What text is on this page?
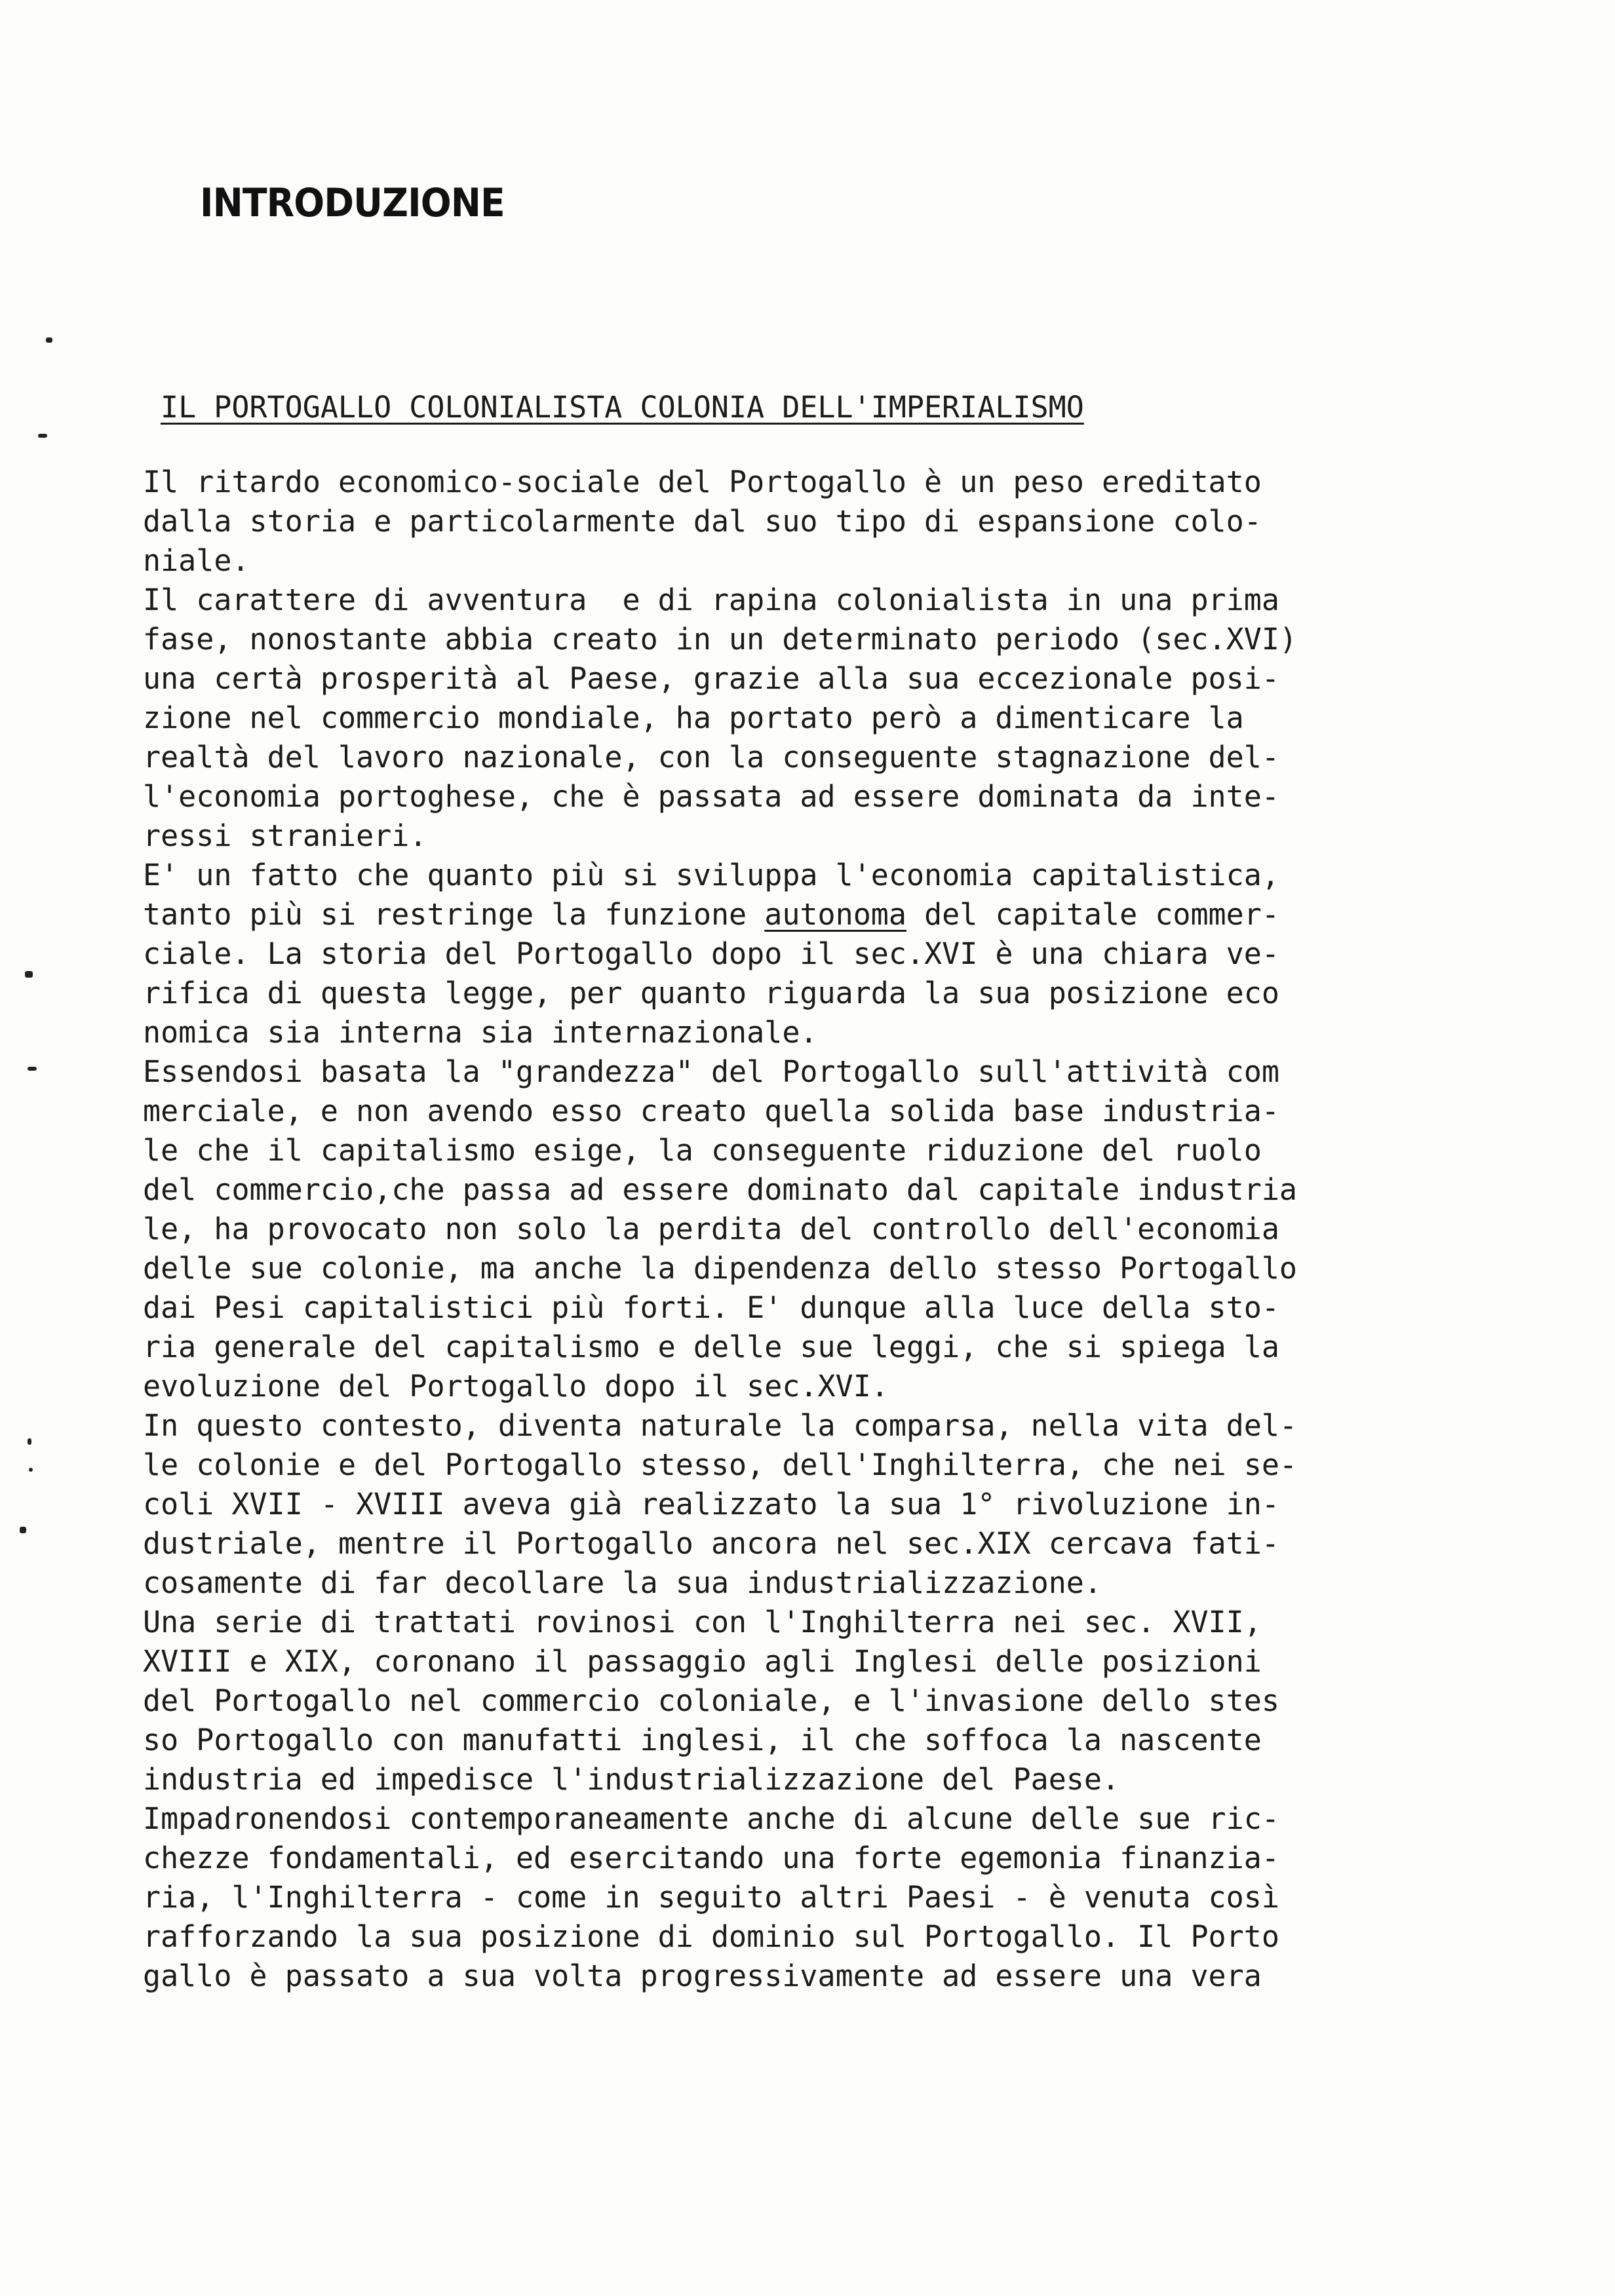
INTRODUZIONE
IL PORTOGALLO COLONIALISTA COLONIA DELL'IMPERIALISMO
Il ritardo economico-sociale del Portogallo è un peso ereditato
dalla storia e particolarmente dal suo tipo di espansione colo-
niale.
Il carattere di avventura  e di rapina colonialista in una prima
fase, nonostante abbia creato in un determinato periodo (sec.XVI)
una certà prosperità al Paese, grazie alla sua eccezionale posi-
zione nel commercio mondiale, ha portato però a dimenticare la
realtà del lavoro nazionale, con la conseguente stagnazione del-
l'economia portoghese, che è passata ad essere dominata da inte-
ressi stranieri.
E' un fatto che quanto più si sviluppa l'economia capitalistica,
tanto più si restringe la funzione autonoma del capitale commer-
ciale. La storia del Portogallo dopo il sec.XVI è una chiara ve-
rifica di questa legge, per quanto riguarda la sua posizione eco
nomica sia interna sia internazionale.
Essendosi basata la "grandezza" del Portogallo sull'attività com
merciale, e non avendo esso creato quella solida base industria-
le che il capitalismo esige, la conseguente riduzione del ruolo
del commercio,che passa ad essere dominato dal capitale industria
le, ha provocato non solo la perdita del controllo dell'economia
delle sue colonie, ma anche la dipendenza dello stesso Portogallo
dai Pesi capitalistici più forti. E' dunque alla luce della sto-
ria generale del capitalismo e delle sue leggi, che si spiega la
evoluzione del Portogallo dopo il sec.XVI.
In questo contesto, diventa naturale la comparsa, nella vita del-
le colonie e del Portogallo stesso, dell'Inghilterra, che nei se-
coli XVII - XVIII aveva già realizzato la sua 1° rivoluzione in-
dustriale, mentre il Portogallo ancora nel sec.XIX cercava fati-
cosamente di far decollare la sua industrializzazione.
Una serie di trattati rovinosi con l'Inghilterra nei sec. XVII,
XVIII e XIX, coronano il passaggio agli Inglesi delle posizioni
del Portogallo nel commercio coloniale, e l'invasione dello stes
so Portogallo con manufatti inglesi, il che soffoca la nascente
industria ed impedisce l'industrializzazione del Paese.
Impadronendosi contemporaneamente anche di alcune delle sue ric-
chezze fondamentali, ed esercitando una forte egemonia finanzia-
ria, l'Inghilterra - come in seguito altri Paesi - è venuta così
rafforzando la sua posizione di dominio sul Portogallo. Il Porto
gallo è passato a sua volta progressivamente ad essere una vera
